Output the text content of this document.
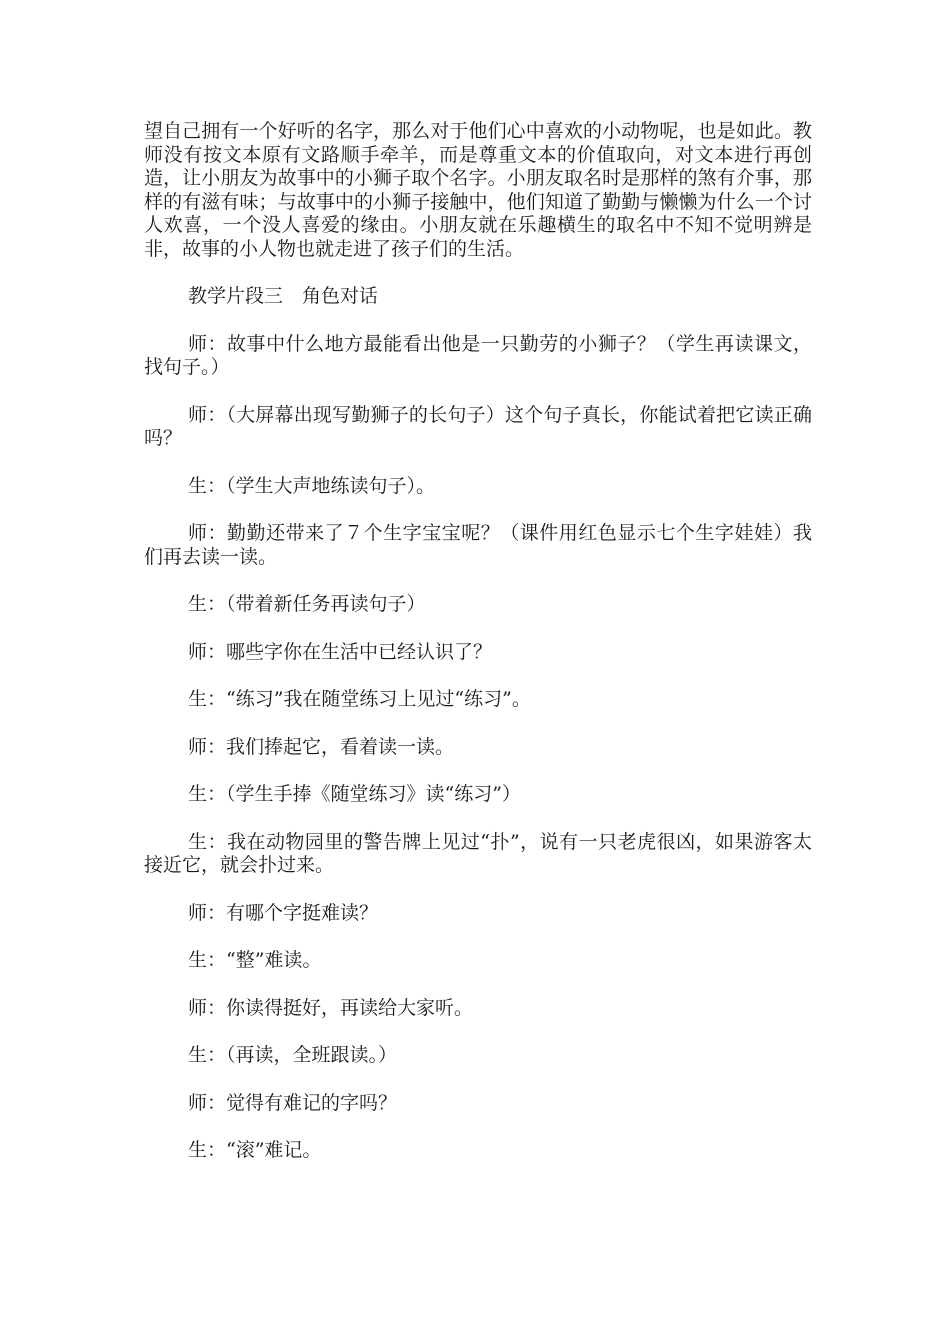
望自己拥有一个好听的名字，那么对于他们心中喜欢的小动物呢，也是如此。教师没有按文本原有文路顺手牵羊，而是尊重文本的价值取向，对文本进行再创造，让小朋友为故事中的小狮子取个名字。小朋友取名时是那样的煞有介事，那样的有滋有味；与故事中的小狮子接触中，他们知道了勤勤与懒懒为什么一个讨人欢喜，一个没人喜爱的缘由。小朋友就在乐趣横生的取名中不知不觉明辨是非，故事的小人物也就走进了孩子们的生活。

教学片段三　角色对话

师：故事中什么地方最能看出他是一只勤劳的小狮子？（学生再读课文，找句子。）

师：（大屏幕出现写勤狮子的长句子）这个句子真长，你能试着把它读正确吗？

生：（学生大声地练读句子）。

师：勤勤还带来了７个生字宝宝呢？（课件用红色显示七个生字娃娃）我们再去读一读。

生：（带着新任务再读句子）

师：哪些字你在生活中已经认识了？

生：“练习”我在随堂练习上见过“练习”。

师：我们捧起它，看着读一读。

生：（学生手捧《随堂练习》读“练习”）

生：我在动物园里的警告牌上见过“扑”，说有一只老虎很凶，如果游客太接近它，就会扑过来。

师：有哪个字挺难读？

生：“整”难读。

师：你读得挺好，再读给大家听。

生：（再读，全班跟读。）

师：觉得有难记的字吗？

生：“滚”难记。
